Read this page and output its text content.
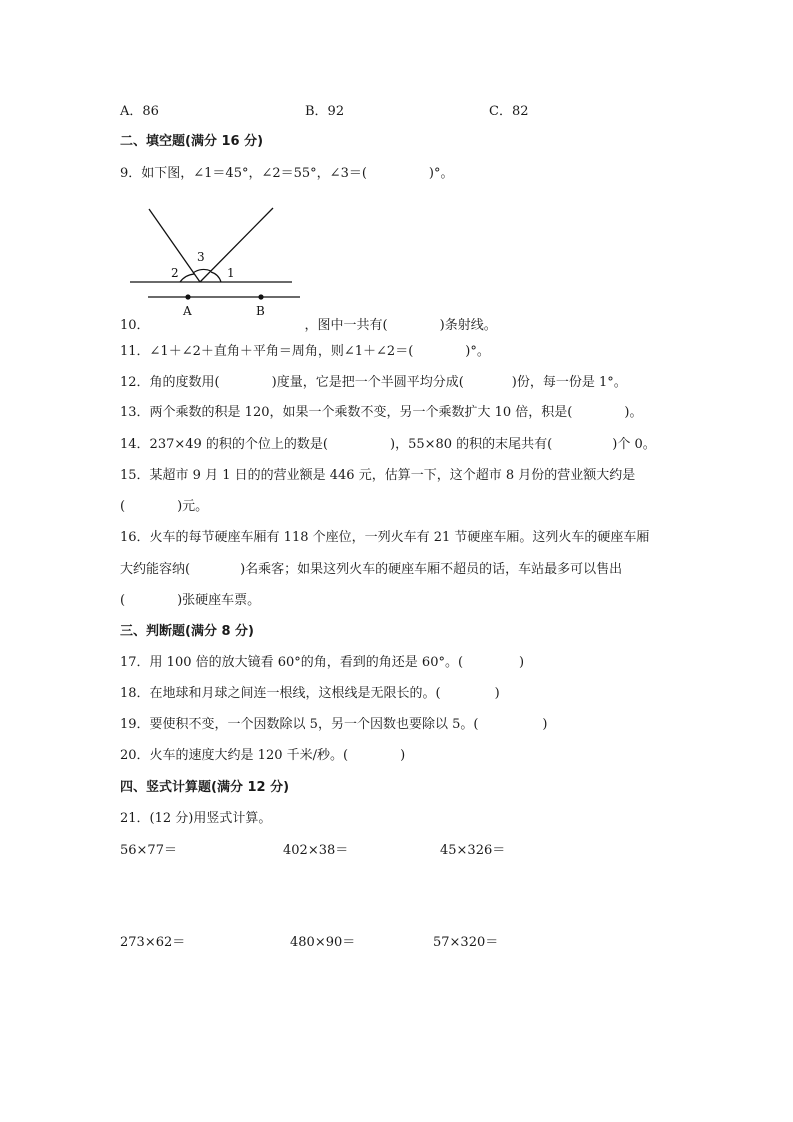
A．86	B．92	C．82
二、填空题(满分 16 分)
9．如下图，∠1＝45°，∠2＝55°，∠3＝(	)°。
2
3
1
A	B
10．	，图中一共有(	)条射线。
11．∠1＋∠2＋直角＋平角＝周角，则∠1＋∠2＝(	)°。
12．角的度数用(	)度量，它是把一个半圆平均分成(	)份，每一份是 1°。
13．两个乘数的积是 120，如果一个乘数不变，另一个乘数扩大 10 倍，积是(	)。
14．237×49 的积的个位上的数是(	)，55×80 的积的末尾共有(	)个 0。
15．某超市 9 月 1 日的的营业额是 446 元，估算一下，这个超市 8 月份的营业额大约是
(	)元。
16．火车的每节硬座车厢有 118 个座位，一列火车有 21 节硬座车厢。这列火车的硬座车厢
大约能容纳(	)名乘客；如果这列火车的硬座车厢不超员的话，车站最多可以售出
(	)张硬座车票。
三、判断题(满分 8 分)
17．用 100 倍的放大镜看 60°的角，看到的角还是 60°。(	)
18．在地球和月球之间连一根线，这根线是无限长的。(	)
19．要使积不变，一个因数除以 5，另一个因数也要除以 5。(	)
20．火车的速度大约是 120 千米/秒。(	)
四、竖式计算题(满分 12 分)
21．(12 分)用竖式计算。
56×77＝	402×38＝	45×326＝
273×62＝	480×90＝	57×320＝
